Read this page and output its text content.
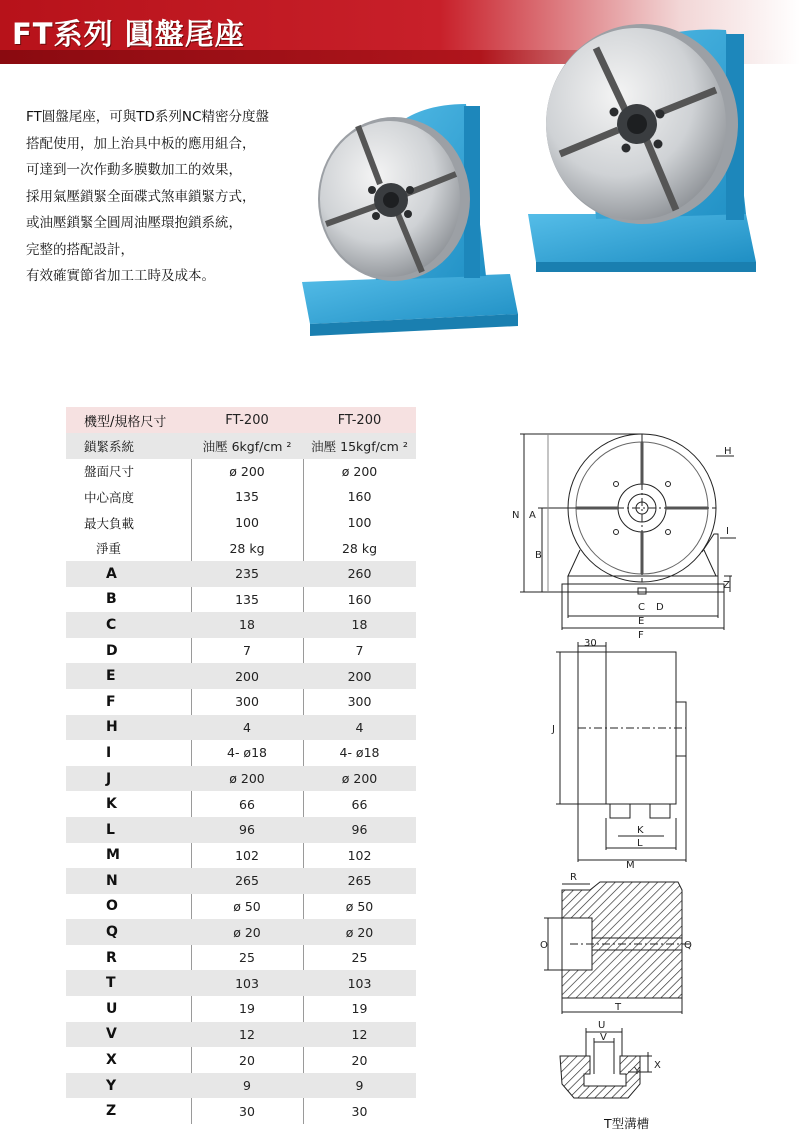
FT系列 圓盤尾座
FT圓盤尾座，可與TD系列NC精密分度盤
搭配使用，加上治具中板的應用組合，
可達到一次作動多膜數加工的效果，
採用氣壓鎖緊全面碟式煞車鎖緊方式，
或油壓鎖緊全圓周油壓環抱鎖系統，
完整的搭配設計，
有效確實節省加工工時及成本。
機型/規格尺寸	FT-200	FT-200
鎖緊系統	油壓 6kgf/cm ²	油壓 15kgf/cm ²
盤面尺寸	ø 200	ø 200
中心高度	135	160
最大負載	100	100
淨重	28 kg	28 kg
A	235	260
B	135	160
C	18	18
D	7	7
E	200	200
F	300	300
H	4	4
I	4- ø18	4- ø18
J	ø 200	ø 200
K	66	66
L	96	96
M	102	102
N	265	265
O	ø 50	ø 50
Q	ø 20	ø 20
R	25	25
T	103	103
U	19	19
V	12	12
X	20	20
Y	9	9
Z	30	30
N A
B
H
I
Z
C D
E
F
30
J
K
L
M
R
O	Q
T
U
V
X
Y
T型溝槽
